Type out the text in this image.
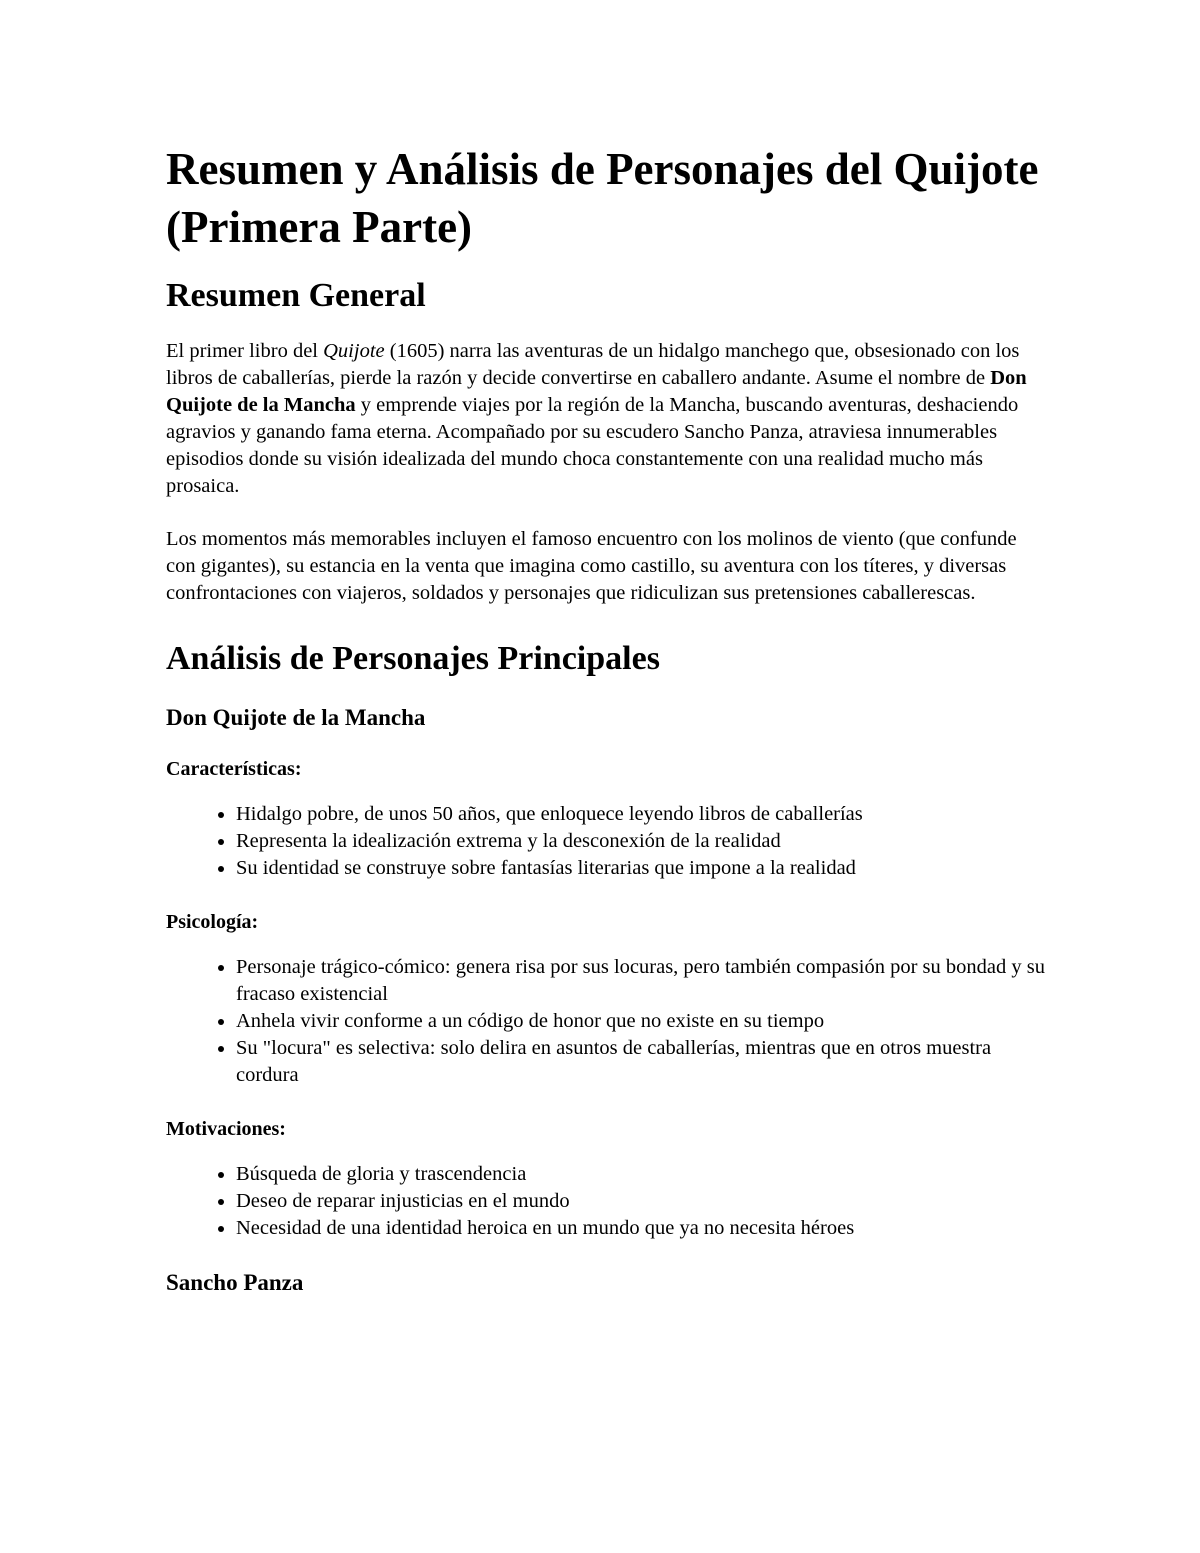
Resumen y Análisis de Personajes del Quijote (Primera Parte)
Resumen General

El primer libro del Quijote (1605) narra las aventuras de un hidalgo manchego que, obsesionado con los libros de caballerías, pierde la razón y decide convertirse en caballero andante. Asume el nombre de Don Quijote de la Mancha y emprende viajes por la región de la Mancha, buscando aventuras, deshaciendo agravios y ganando fama eterna. Acompañado por su escudero Sancho Panza, atraviesa innumerables episodios donde su visión idealizada del mundo choca constantemente con una realidad mucho más prosaica.

Los momentos más memorables incluyen el famoso encuentro con los molinos de viento (que confunde con gigantes), su estancia en la venta que imagina como castillo, su aventura con los títeres, y diversas confrontaciones con viajeros, soldados y personajes que ridiculizan sus pretensiones caballerescas.

Análisis de Personajes Principales
Don Quijote de la Mancha
Características:
• Hidalgo pobre, de unos 50 años, que enloquece leyendo libros de caballerías
• Representa la idealización extrema y la desconexión de la realidad
• Su identidad se construye sobre fantasías literarias que impone a la realidad
Psicología:
• Personaje trágico-cómico: genera risa por sus locuras, pero también compasión por su bondad y su fracaso existencial
• Anhela vivir conforme a un código de honor que no existe en su tiempo
• Su "locura" es selectiva: solo delira en asuntos de caballerías, mientras que en otros muestra cordura
Motivaciones:
• Búsqueda de gloria y trascendencia
• Deseo de reparar injusticias en el mundo
• Necesidad de una identidad heroica en un mundo que ya no necesita héroes
Sancho Panza
